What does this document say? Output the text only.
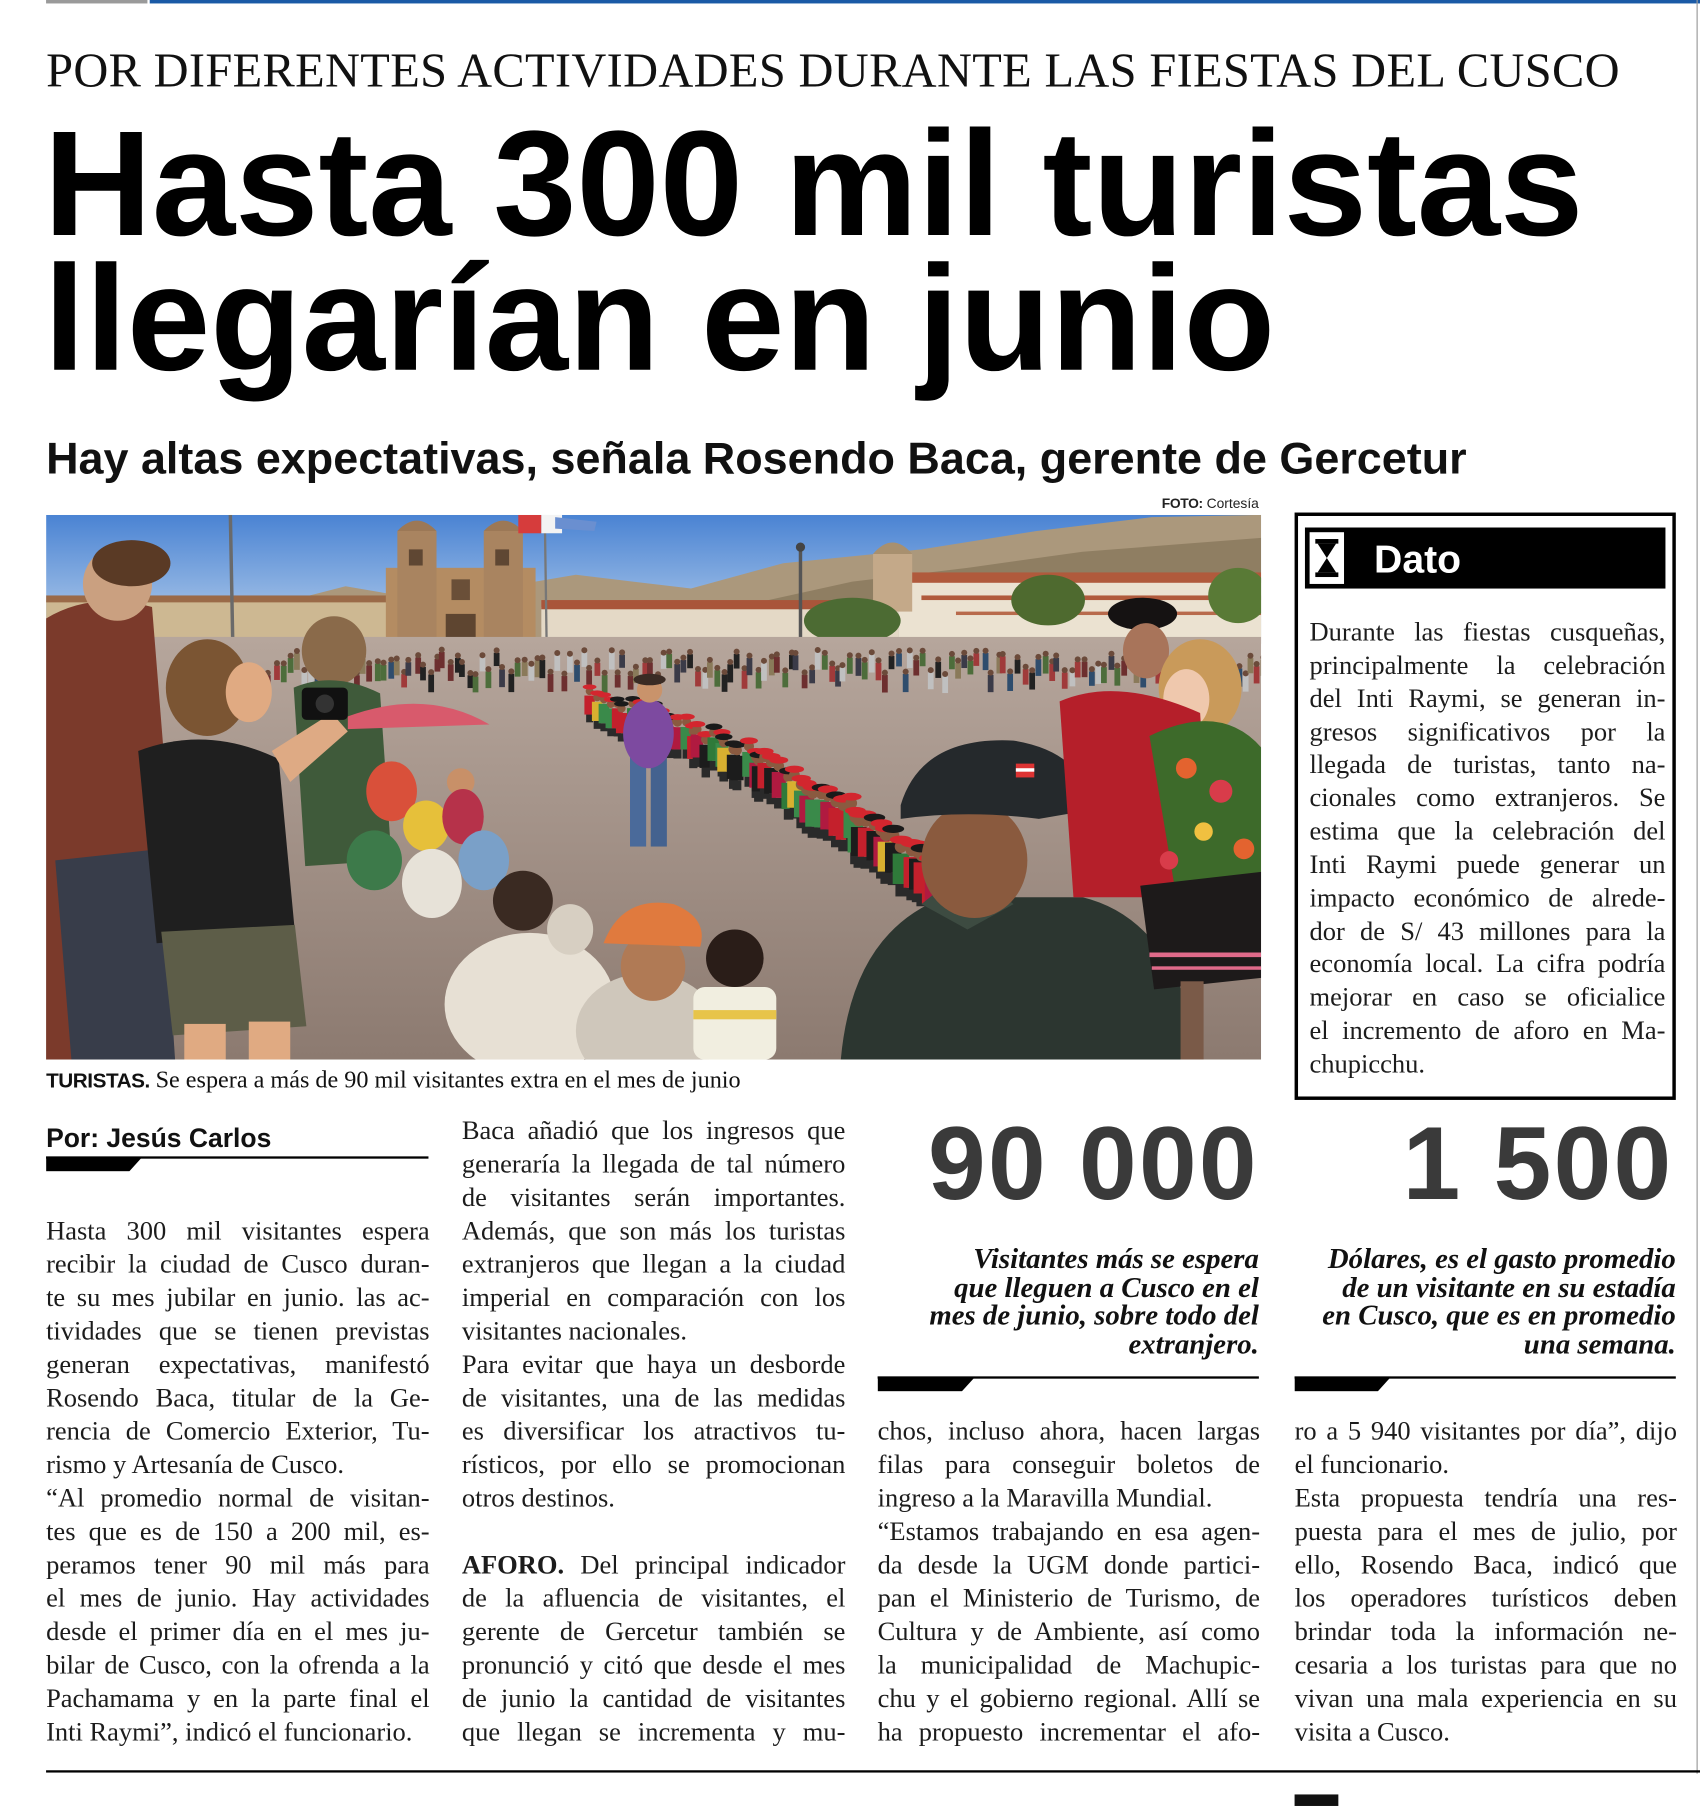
POR DIFERENTES ACTIVIDADES DURANTE LAS FIESTAS DEL CUSCO
Hasta 300 mil turistas
llegarían en junio
Hay altas expectativas, señala Rosendo Baca, gerente de Gercetur
FOTO: Cortesía
TURISTAS. Se espera a más de 90 mil visitantes extra en el mes de junio
Dato
Durante las fiestas cusqueñas,
principalmente la celebración
del Inti Raymi, se generan in-
gresos significativos por la
llegada de turistas, tanto na-
cionales como extranjeros. Se
estima que la celebración del
Inti Raymi puede generar un
impacto económico de alrede-
dor de S/ 43 millones para la
economía local. La cifra podría
mejorar en caso se oficialice
el incremento de aforo en Ma-
chupicchu.
Por: Jesús Carlos
Hasta 300 mil visitantes espera
recibir la ciudad de Cusco duran-
te su mes jubilar en junio. las ac-
tividades que se tienen previstas
generan expectativas, manifestó
Rosendo Baca, titular de la Ge-
rencia de Comercio Exterior, Tu-
rismo y Artesanía de Cusco.
“Al promedio normal de visitan-
tes que es de 150 a 200 mil, es-
peramos tener 90 mil más para
el mes de junio. Hay actividades
desde el primer día en el mes ju-
bilar de Cusco, con la ofrenda a la
Pachamama y en la parte final el
Inti Raymi”, indicó el funcionario.
Baca añadió que los ingresos que
generaría la llegada de tal número
de visitantes serán importantes.
Además, que son más los turistas
extranjeros que llegan a la ciudad
imperial en comparación con los
visitantes nacionales.
Para evitar que haya un desborde
de visitantes, una de las medidas
es diversificar los atractivos tu-
rísticos, por ello se promocionan
otros destinos.
AFORO. Del principal indicador
de la afluencia de visitantes, el
gerente de Gercetur también se
pronunció y citó que desde el mes
de junio la cantidad de visitantes
que llegan se incrementa y mu-
90 000
Visitantes más se espera
que lleguen a Cusco en el
mes de junio, sobre todo del
extranjero.
chos, incluso ahora, hacen largas
filas para conseguir boletos de
ingreso a la Maravilla Mundial.
“Estamos trabajando en esa agen-
da desde la UGM donde partici-
pan el Ministerio de Turismo, de
Cultura y de Ambiente, así como
la municipalidad de Machupic-
chu y el gobierno regional. Allí se
ha propuesto incrementar el afo-
1 500
Dólares, es el gasto promedio
de un visitante en su estadía
en Cusco, que es en promedio
una semana.
ro a 5 940 visitantes por día”, dijo
el funcionario.
Esta propuesta tendría una res-
puesta para el mes de julio, por
ello, Rosendo Baca, indicó que
los operadores turísticos deben
brindar toda la información ne-
cesaria a los turistas para que no
vivan una mala experiencia en su
visita a Cusco.
